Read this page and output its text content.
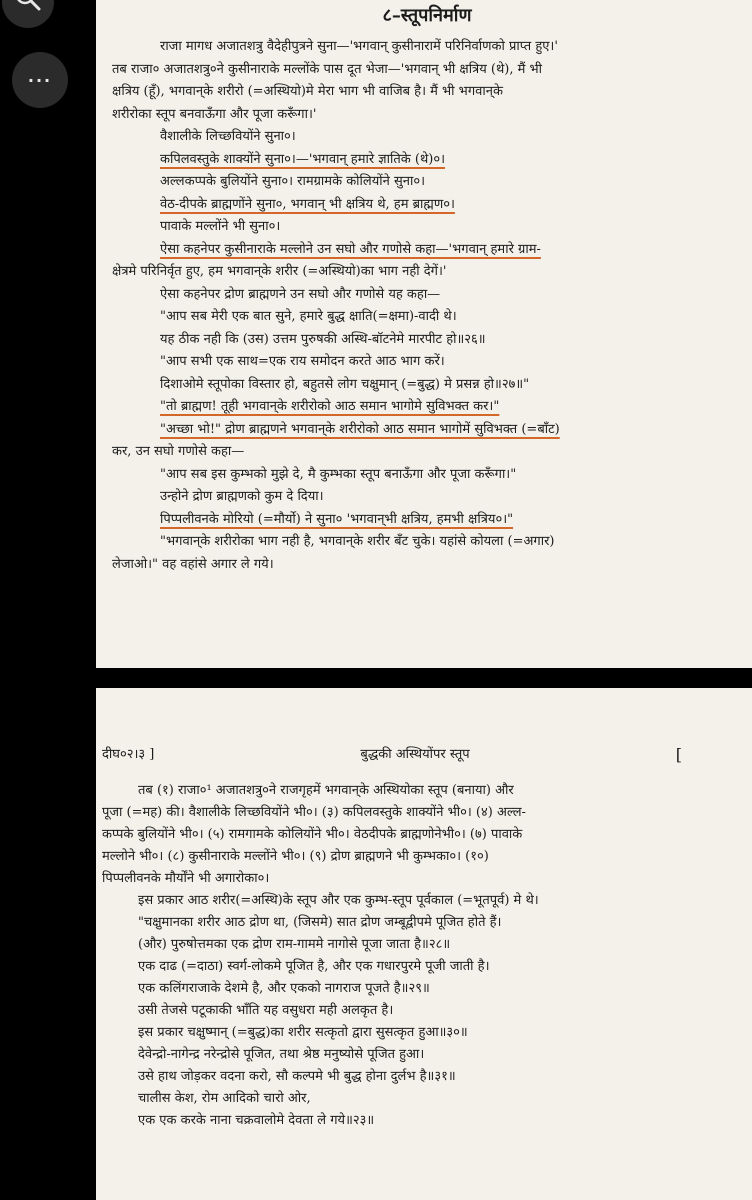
···
८–स्तूपनिर्माण
राजा मागध अजातशत्रु वैदेहीपुत्रने सुना—'भगवान् कुसीनारामें परिनिर्वाणको प्राप्त हुए।'
तब राजा० अजातशत्रु०ने कुसीनाराके मल्लोंके पास दूत भेजा—'भगवान् भी क्षत्रिय (थे), मैं भी
क्षत्रिय (हूँ), भगवान्‌के शरीरो (=अस्थियो)मे मेरा भाग भी वाजिब है। मैं भी भगवान्‌के
शरीरोका स्तूप बनवाऊँगा और पूजा करूँगा।'
वैशालीके लिच्छवियोंने सुना०।
कपिलवस्तुके शाक्योंने सुना०।—'भगवान् हमारे ज्ञातिके (थे)०।
अल्लकप्पके बुलियोंने सुना०। रामग्रामके कोलियोंने सुना०।
वेठ-दीपके ब्राह्मणोंने सुना०, भगवान् भी क्षत्रिय थे, हम ब्राह्मण०।
पावाके मल्लोंने भी सुना०।
ऐसा कहनेपर कुसीनाराके मल्लोने उन सघो और गणोसे कहा—'भगवान् हमारे ग्राम-
क्षेत्रमे परिनिर्वृत हुए, हम भगवान्‌के शरीर (=अस्थियो)का भाग नही देगें।'
ऐसा कहनेपर द्रोण ब्राह्मणने उन सघो और गणोसे यह कहा—
"आप सब मेरी एक बात सुने, हमारे बुद्ध क्षाति(=क्षमा)-वादी थे।
यह ठीक नही कि (उस) उत्तम पुरुषकी अस्थि-बॉटनेमे मारपीट हो॥२६॥
"आप सभी एक साथ=एक राय समोदन करते आठ भाग करें।
दिशाओमे स्तूपोका विस्तार हो, बहुतसे लोग चक्षुमान् (=बुद्ध) मे प्रसन्न हो॥२७॥"
"तो ब्राह्मण! तूही भगवान्‌के शरीरोको आठ समान भागोमे सुविभक्त कर।"
"अच्छा भो!" द्रोण ब्राह्मणने भगवान्‌के शरीरोको आठ समान भागोमें सुविभक्त (=बाँट)
कर, उन सघो गणोसे कहा—
"आप सब इस कुम्भको मुझे दे, मै कुम्भका स्तूप बनाऊँगा और पूजा करूँगा।"
उन्होने द्रोण ब्राह्मणको कुम दे दिया।
पिप्पलीवनके मोरियो (=मौर्यो) ने सुना० 'भगवान्‌भी क्षत्रिय, हमभी क्षत्रिय०।"
"भगवान्‌के शरीरोका भाग नही है, भगवान्‌के शरीर बँट चुके। यहांसे कोयला (=अगार)
लेजाओ।" वह वहांसे अगार ले गये।
दीघ०२।३ ]	बुद्धकी अस्थियोंपर स्तूप	[
तब (१) राजा०¹ अजातशत्रु०ने राजगृहमें भगवान्‌के अस्थियोका स्तूप (बनाया) और
पूजा (=मह) की। वैशालीके लिच्छवियोंने भी०। (३) कपिलवस्तुके शाक्योंने भी०। (४) अल्ल-
कप्पके बुलियोंने भी०। (५) रामगामके कोलियोंने भी०। वेठदीपके ब्राह्मणोनेभी०। (७) पावाके
मल्लोने भी०। (८) कुसीनाराके मल्लोंने भी०। (९) द्रोण ब्राह्मणने भी कुम्भका०। (१०)
पिप्पलीवनके मौर्योंने भी अगारोका०।
इस प्रकार आठ शरीर(=अस्थि)के स्तूप और एक कुम्भ-स्तूप पूर्वकाल (=भूतपूर्व) मे थे।
"चक्षुमानका शरीर आठ द्रोण था, (जिसमे) सात द्रोण जम्बूद्वीपमे पूजित होते हैं।
(और) पुरुषोत्तमका एक द्रोण राम-गाममे नागोसे पूजा जाता है॥२८॥
एक दाढ (=दाठा) स्वर्ग-लोकमे पूजित है, और एक गधारपुरमे पूजी जाती है।
एक कलिंगराजाके देशमे है, और एकको नागराज पूजते है॥२९॥
उसी तेजसे पटूकाकी भाँति यह वसुधरा मही अलकृत है।
इस प्रकार चक्षुष्मान् (=बुद्ध)का शरीर सत्कृतो द्वारा सुसत्कृत हुआ॥३०॥
देवेन्द्रो-नागेन्द्र नरेन्द्रोसे पूजित, तथा श्रेष्ठ मनुष्योसे पूजित हुआ।
उसे हाथ जोड़कर वदना करो, सौ कल्पमे भी बुद्ध होना दुर्लभ है॥३१॥
चालीस केश, रोम आदिको चारो ओर,
एक एक करके नाना चक्रवालोमे देवता ले गये॥२३॥
